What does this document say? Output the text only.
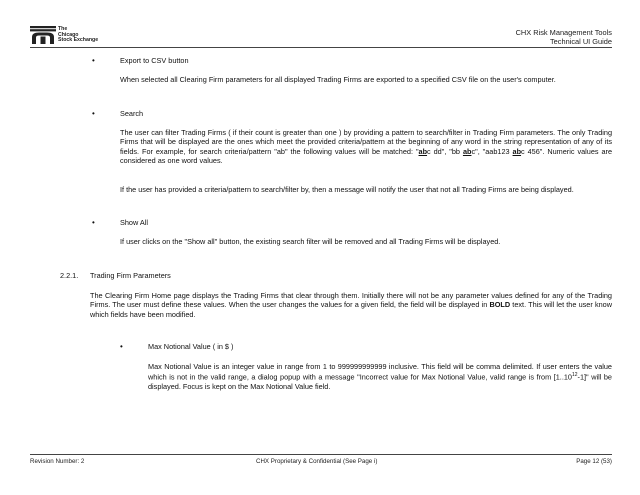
The
Chicago
Stock Exchange
CHX Risk Management Tools
Technical UI Guide
•	Export to CSV button
When selected all Clearing Firm parameters for all displayed Trading Firms are exported to a specified CSV file on the user's computer.
•	Search
The user can filter Trading Firms ( if their count is greater than one ) by providing a pattern to search/filter in Trading Firm parameters. The only Trading Firms that will be displayed are the ones which meet the provided criteria/pattern at the beginning of any word in the string representation of any of its fields. For example, for search criteria/pattern "ab" the following values will be matched: "abc dd", "bb abc", "aab123 abc 456". Numeric values are considered as one word values.
If the user has provided a criteria/pattern to search/filter by, then a message will notify the user that not all Trading Firms are being displayed.
•	Show All
If user clicks on the "Show all" button, the existing search filter will be removed and all Trading Firms will be displayed.
2.2.1. Trading Firm Parameters
The Clearing Firm Home page displays the Trading Firms that clear through them. Initially there will not be any parameter values defined for any of the Trading Firms. The user must define these values. When the user changes the values for a given field, the field will be displayed in BOLD text. This will let the user know which fields have been modified.
•	Max Notional Value ( in $ )
Max Notional Value is an integer value in range from 1 to 999999999999 inclusive. This field will be comma delimited. If user enters the value which is not in the valid range, a dialog popup with a message "Incorrect value for Max Notional Value, valid range is from [1..10$^{12}$-1]" will be displayed. Focus is kept on the Max Notional Value field.
Revision Number: 2	CHX Proprietary & Confidential (See Page i)	Page 12 (53)
